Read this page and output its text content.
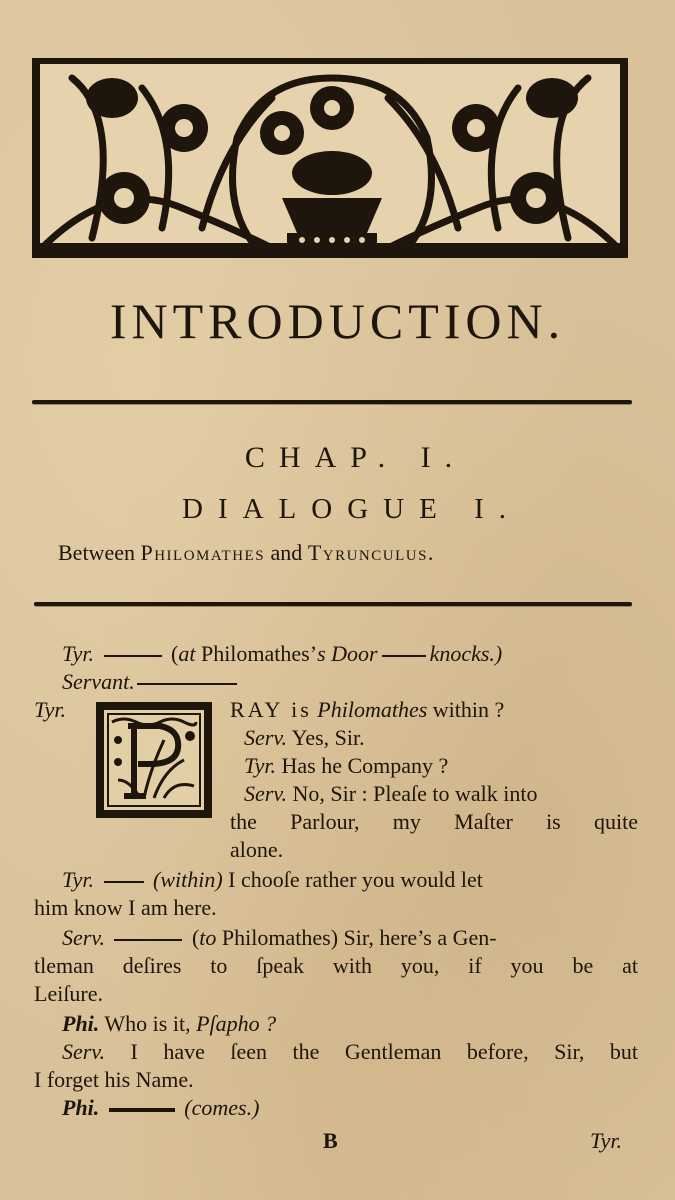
INTRODUCTION.
CHAP. I.
DIALOGUE I.
Between Philomathes and Tyrunculus.
Tyr.	(at Philomathes’s Door knocks.)
Servant.
Tyr.	RAY is Philomathes within ?
Serv. Yes, Sir.
Tyr. Has he Company ?
Serv. No, Sir : Pleaſe to walk into
the Parlour, my Maſter is quite
alone.
Tyr.	(within) I chooſe rather you would let
him know I am here.
Serv.	(to Philomathes) Sir, here’s a Gen-
tleman deſires to ſpeak with you, if you be at
Leiſure.
Phi. Who is it, Pſapho ?
Serv. I have ſeen the Gentleman before, Sir, but
I forget his Name.
Phi.	(comes.)
B	Tyr.
